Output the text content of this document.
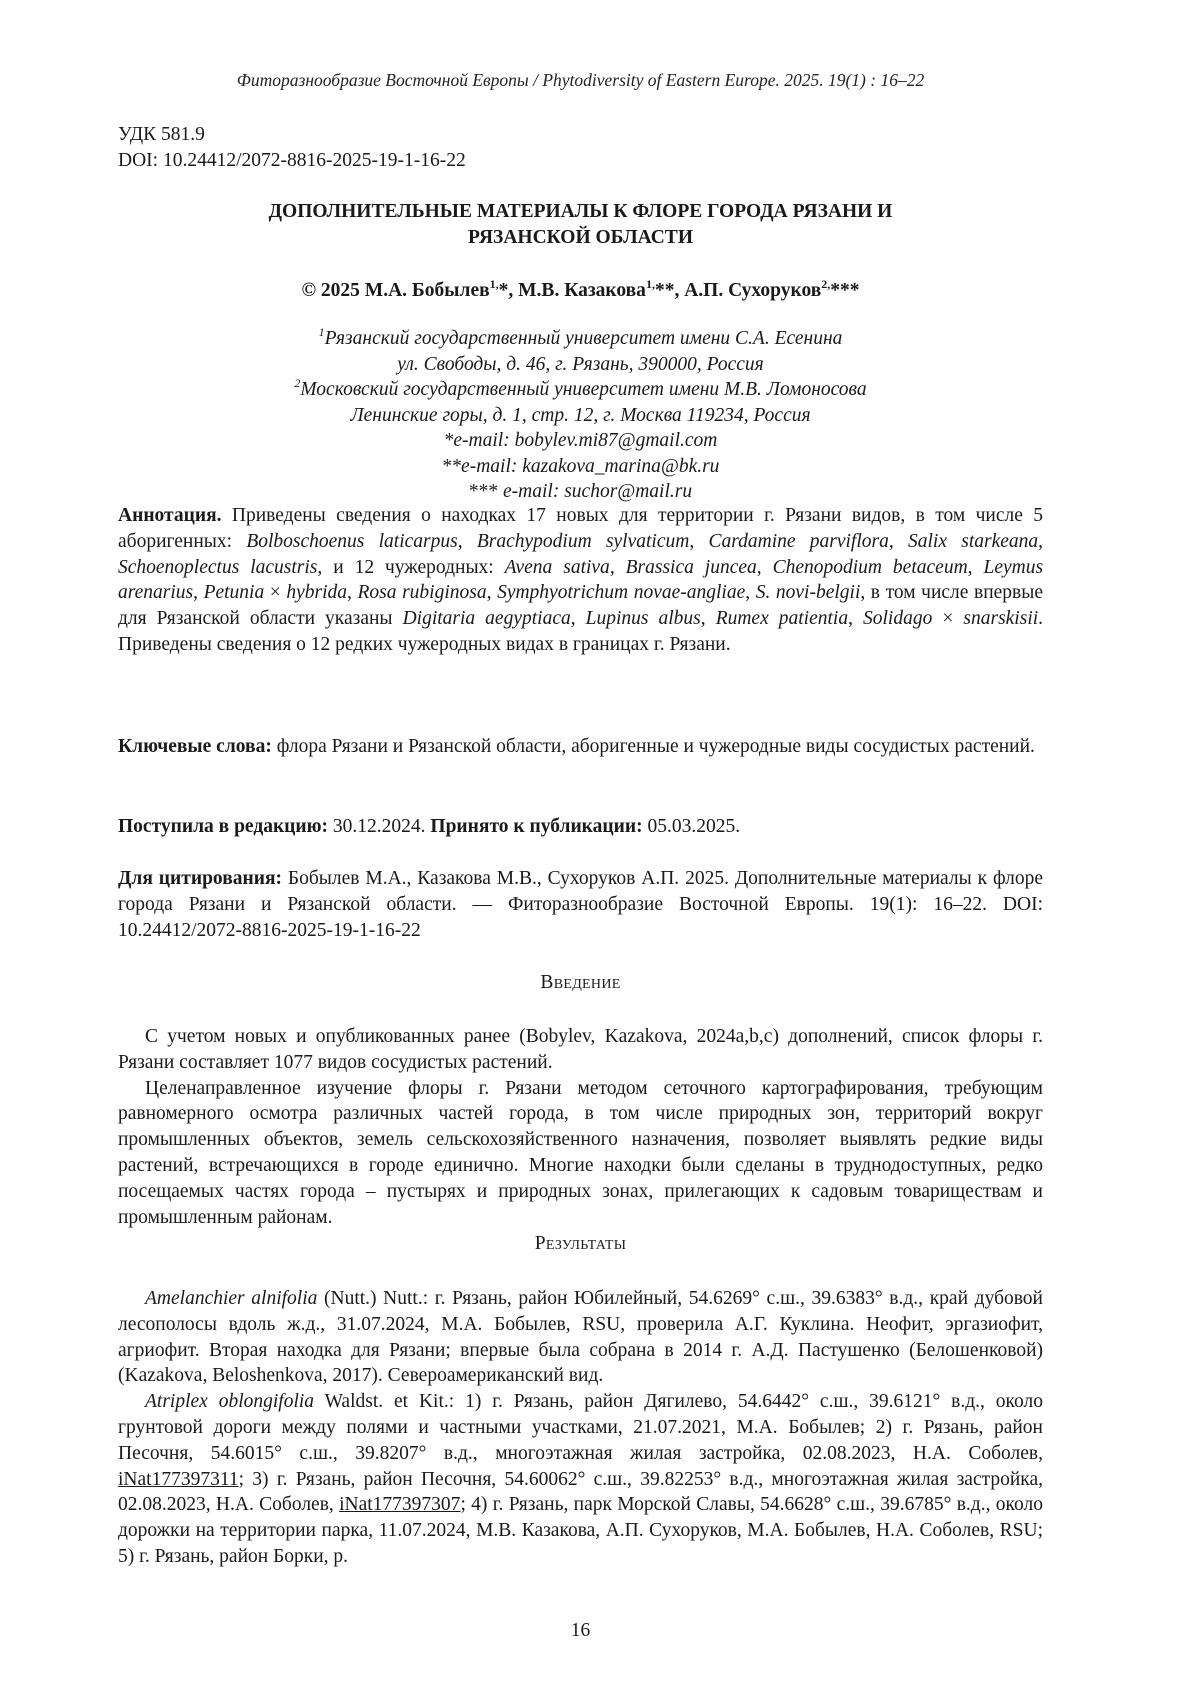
Фиторазнообразие Восточной Европы / Phytodiversity of Eastern Europe. 2025. 19(1) : 16–22
УДК 581.9
DOI: 10.24412/2072-8816-2025-19-1-16-22
ДОПОЛНИТЕЛЬНЫЕ МАТЕРИАЛЫ К ФЛОРЕ ГОРОДА РЯЗАНИ И
РЯЗАНСКОЙ ОБЛАСТИ
© 2025 М.А. Бобылев$^{1,}$*, М.В. Казакова$^{1,}$**, А.П. Сухоруков$^{2,}$***
$^1$Рязанский государственный университет имени С.А. Есенина
ул. Свободы, д. 46, г. Рязань, 390000, Россия
$^2$Московский государственный университет имени М.В. Ломоносова
Ленинские горы, д. 1, стр. 12, г. Москва 119234, Россия
*e-mail: bobylev.mi87@gmail.com
**e-mail: kazakova_marina@bk.ru
*** e-mail: suchor@mail.ru
Аннотация. Приведены сведения о находках 17 новых для территории г. Рязани видов, в том числе 5 аборигенных: Bolboschoenus laticarpus, Brachypodium sylvaticum, Cardamine parviflora, Salix starkeana, Schoenoplectus lacustris, и 12 чужеродных: Avena sativa, Brassica juncea, Chenopodium betaceum, Leymus arenarius, Petunia × hybrida, Rosa rubiginosa, Symphyotrichum novae-angliae, S. novi-belgii, в том числе впервые для Рязанской области указаны Digitaria aegyptiaca, Lupinus albus, Rumex patientia, Solidago × snarskisii. Приведены сведения о 12 редких чужеродных видах в границах г. Рязани.
Ключевые слова: флора Рязани и Рязанской области, аборигенные и чужеродные виды сосудистых растений.
Поступила в редакцию: 30.12.2024. Принято к публикации: 05.03.2025.
Для цитирования: Бобылев М.А., Казакова М.В., Сухоруков А.П. 2025. Дополнительные материалы к флоре города Рязани и Рязанской области. — Фиторазнообразие Восточной Европы. 19(1): 16–22. DOI: 10.24412/2072-8816-2025-19-1-16-22
Введение

С учетом новых и опубликованных ранее (Bobylev, Kazakova, 2024a,b,c) дополнений, список флоры г. Рязани составляет 1077 видов сосудистых растений.

Целенаправленное изучение флоры г. Рязани методом сеточного картографирования, требующим равномерного осмотра различных частей города, в том числе природных зон, территорий вокруг промышленных объектов, земель сельскохозяйственного назначения, позволяет выявлять редкие виды растений, встречающихся в городе единично. Многие находки были сделаны в труднодоступных, редко посещаемых частях города – пустырях и природных зонах, прилегающих к садовым товариществам и промышленным районам.

Результаты

Amelanchier alnifolia (Nutt.) Nutt.: г. Рязань, район Юбилейный, 54.6269° с.ш., 39.6383° в.д., край дубовой лесополосы вдоль ж.д., 31.07.2024, М.А. Бобылев, RSU, проверила А.Г. Куклина. Неофит, эргазиофит, агриофит. Вторая находка для Рязани; впервые была собрана в 2014 г. А.Д. Пастушенко (Белошенковой) (Kazakova, Beloshenkova, 2017). Североамериканский вид.

Atriplex oblongifolia Waldst. et Kit.: 1) г. Рязань, район Дягилево, 54.6442° с.ш., 39.6121° в.д., около грунтовой дороги между полями и частными участками, 21.07.2021, М.А. Бобылев; 2) г. Рязань, район Песочня, 54.6015° с.ш., 39.8207° в.д., многоэтажная жилая застройка, 02.08.2023, Н.А. Соболев, iNat177397311; 3) г. Рязань, район Песочня, 54.60062° с.ш., 39.82253° в.д., многоэтажная жилая застройка, 02.08.2023, Н.А. Соболев, iNat177397307; 4) г. Рязань, парк Морской Славы, 54.6628° с.ш., 39.6785° в.д., около дорожки на территории парка, 11.07.2024, М.В. Казакова, А.П. Сухоруков, М.А. Бобылев, Н.А. Соболев, RSU; 5) г. Рязань, район Борки, р.

16
